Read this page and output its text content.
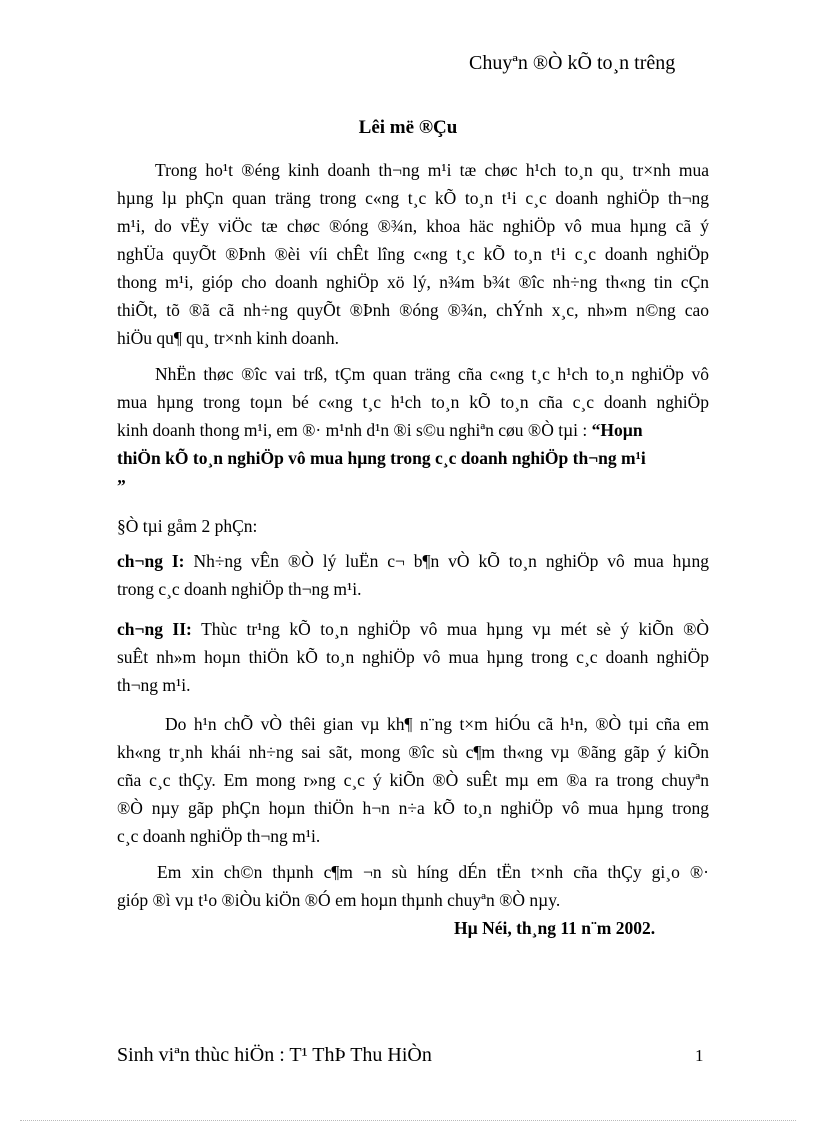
Chuyªn ®Ò kÕ to¸n trêng
Lêi më ®Çu
Trong ho¹t ®éng kinh doanh th¬ng m¹i tæ chøc h¹ch to¸n qu¸ tr×nh mua
hµng lµ phÇn quan träng trong c«ng t¸c kÕ to¸n t¹i c¸c doanh nghiÖp th¬ng
m¹i, do vËy viÖc tæ chøc ®óng ®¾n, khoa häc nghiÖp vô mua hµng cã ý
nghÜa quyÕt ®Þnh ®èi víi chÊt lîng c«ng t¸c kÕ to¸n t¹i c¸c doanh nghiÖp
thong m¹i, gióp cho doanh nghiÖp xö lý, n¾m b¾t ®îc nh÷ng th«ng tin cÇn
thiÕt, tõ ®ã cã nh÷ng quyÕt ®Þnh ®óng ®¾n, chÝnh x¸c, nh»m n©ng cao
hiÖu qu¶ qu¸ tr×nh kinh doanh.
NhËn thøc ®îc vai trß, tÇm quan träng cña c«ng t¸c h¹ch to¸n nghiÖp vô
mua hµng trong toµn bé c«ng t¸c h¹ch to¸n kÕ to¸n cña c¸c doanh nghiÖp
kinh doanh thong m¹i, em ®· m¹nh d¹n ®i s©u nghiªn cøu ®Ò tµi : “Hoµn
thiÖn kÕ to¸n nghiÖp vô mua hµng trong c¸c doanh nghiÖp th¬ng m¹i
”
§Ò tµi gåm 2 phÇn:
ch¬ng I: Nh÷ng vÊn ®Ò lý luËn c¬ b¶n vÒ kÕ to¸n nghiÖp vô mua hµng
trong c¸c doanh nghiÖp th¬ng m¹i.
ch¬ng II: Thùc tr¹ng kÕ to¸n nghiÖp vô mua hµng vµ mét sè ý kiÕn ®Ò
suÊt nh»m hoµn thiÖn kÕ to¸n nghiÖp vô mua hµng trong c¸c doanh nghiÖp
th¬ng m¹i.
Do h¹n chÕ vÒ thêi gian vµ kh¶ n¨ng t×m hiÓu cã h¹n, ®Ò tµi cña em
kh«ng tr¸nh khái nh÷ng sai sãt, mong ®îc sù c¶m th«ng vµ ®ãng gãp ý kiÕn
cña c¸c thÇy. Em mong r»ng c¸c ý kiÕn ®Ò suÊt mµ em ®a ra trong chuyªn
®Ò nµy gãp phÇn hoµn thiÖn h¬n n÷a kÕ to¸n nghiÖp vô mua hµng trong
c¸c doanh nghiÖp th¬ng m¹i.
Em xin ch©n thµnh c¶m ¬n sù híng dÉn tËn t×nh cña thÇy gi¸o ®·
gióp ®ì vµ t¹o ®iÒu kiÖn ®Ó em hoµn thµnh chuyªn ®Ò nµy.
Hµ Néi, th¸ng 11 n¨m 2002.
Sinh viªn thùc hiÖn : T¹ ThÞ Thu HiÒn	1
